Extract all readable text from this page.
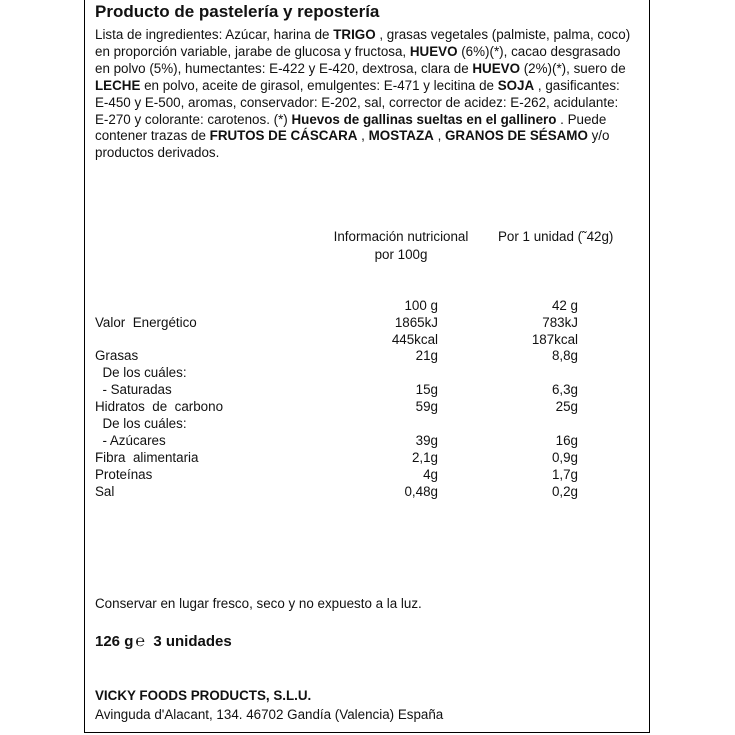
Producto de pastelería y repostería
Lista de ingredientes: Azúcar, harina de TRIGO , grasas vegetales (palmiste, palma, coco) en proporción variable, jarabe de glucosa y fructosa, HUEVO (6%)(*), cacao desgrasado en polvo (5%), humectantes: E-422 y E-420, dextrosa, clara de HUEVO (2%)(*), suero de LECHE en polvo, aceite de girasol, emulgentes: E-471 y lecitina de SOJA , gasificantes: E-450 y E-500, aromas, conservador: E-202, sal, corrector de acidez: E-262, acidulante: E-270 y colorante: carotenos. (*) Huevos de gallinas sueltas en el gallinero . Puede contener trazas de FRUTOS DE CÁSCARA , MOSTAZA , GRANOS DE SÉSAMO y/o productos derivados.
Información nutricional por 100g
Por 1 unidad (˜42g)
100 g	42 g
Valor  Energético	1865kJ	783kJ
445kcal	187kcal
Grasas	21g	8,8g
De los cuáles:
- Saturadas	15g	6,3g
Hidratos  de  carbono	59g	25g
De los cuáles:
- Azúcares	39g	16g
Fibra  alimentaria	2,1g	0,9g
Proteínas	4g	1,7g
Sal	0,48g	0,2g
Conservar en lugar fresco, seco y no expuesto a la luz.
126 g ℮ 3 unidades
VICKY FOODS PRODUCTS, S.L.U.
Avinguda d'Alacant, 134. 46702 Gandía (Valencia) España
